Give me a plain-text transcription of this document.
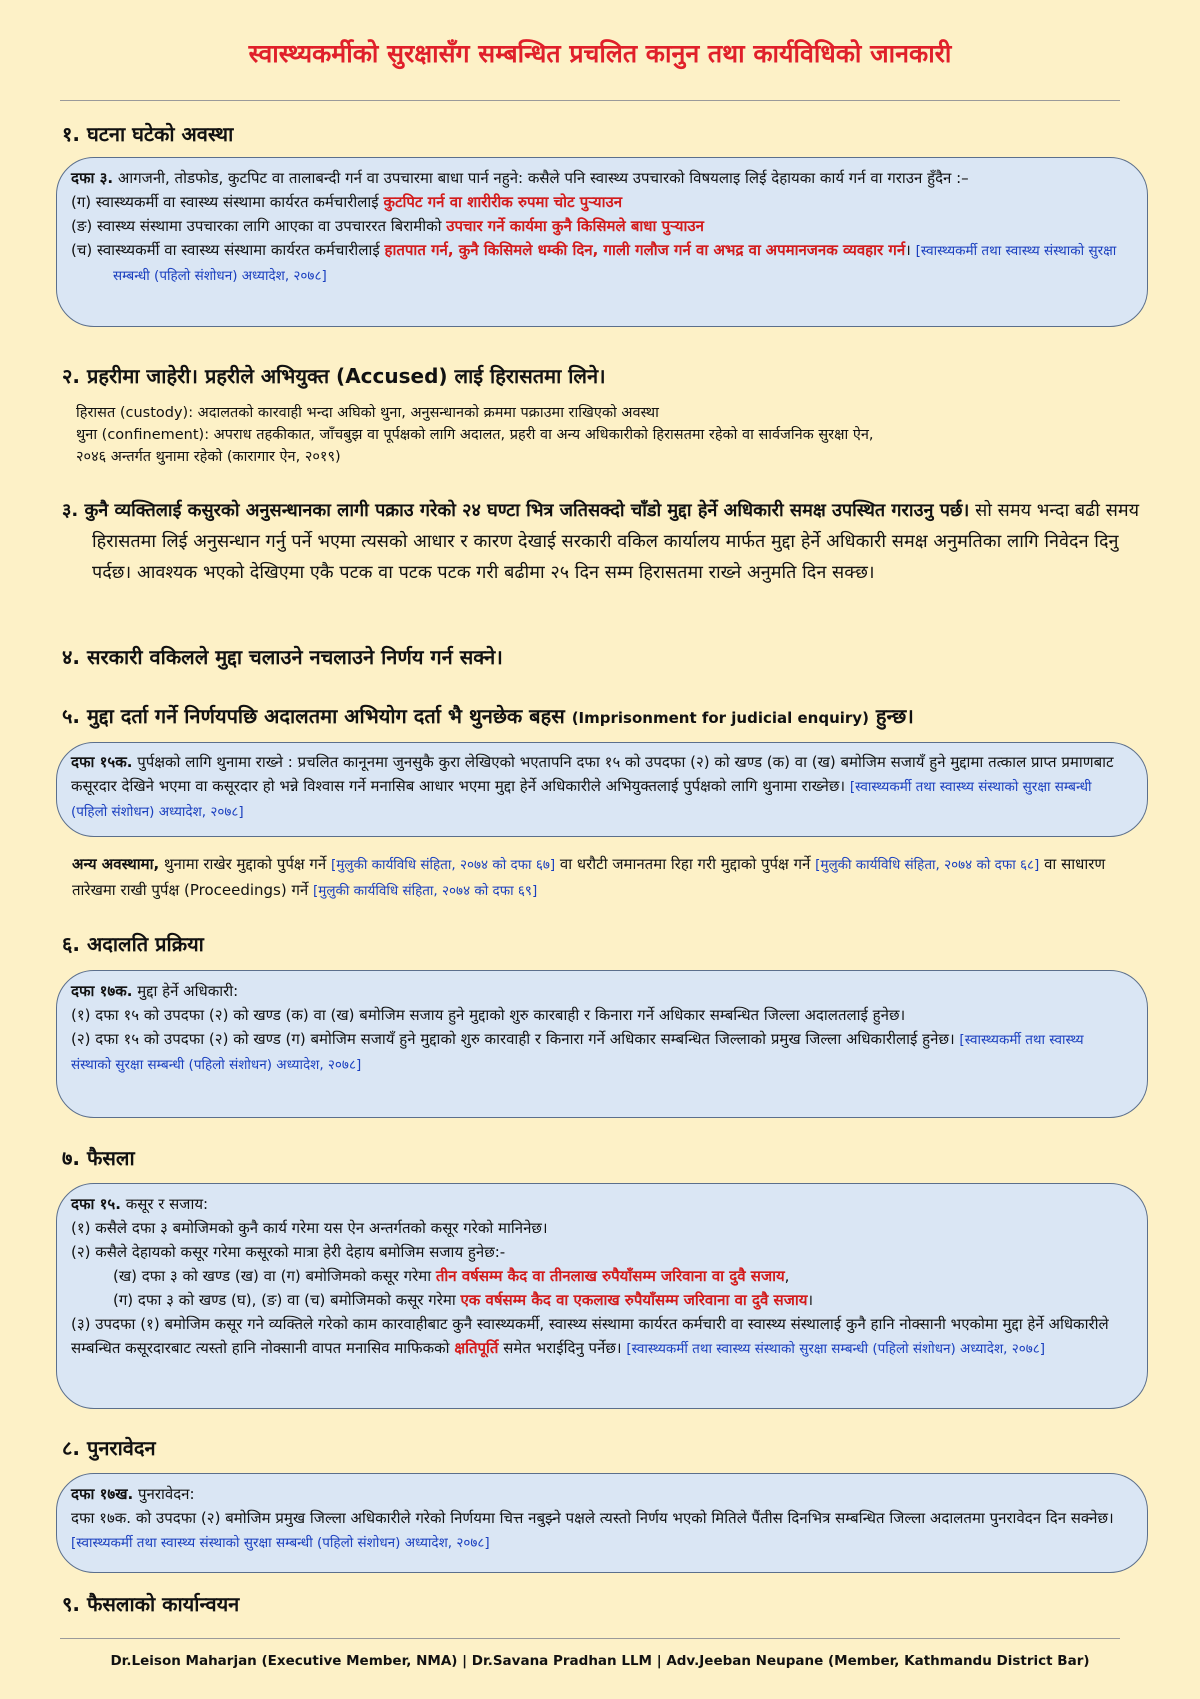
स्वास्थ्यकर्मीको सुरक्षासँग सम्बन्धित प्रचलित कानुन तथा कार्यविधिको जानकारी
१. घटना घटेको अवस्था

दफा ३. आगजनी, तोडफोड, कुटपिट वा तालाबन्दी गर्न वा उपचारमा बाधा पार्न नहुने: कसैले पनि स्वास्थ्य उपचारको विषयलाइ लिई देहायका कार्य गर्न वा गराउन हुँदैन :–

(ग) स्वास्थ्यकर्मी वा स्वास्थ्य संस्थामा कार्यरत कर्मचारीलाई कुटपिट गर्न वा शारीरीक रुपमा चोट पुर्‍याउन

(ङ) स्वास्थ्य संस्थामा उपचारका लागि आएका वा उपचाररत बिरामीको उपचार गर्ने कार्यमा कुनै किसिमले बाधा पुर्‍याउन

(च) स्वास्थ्यकर्मी वा स्वास्थ्य संस्थामा कार्यरत कर्मचारीलाई हातपात गर्न, कुनै किसिमले धम्की दिन, गाली गलौज गर्न वा अभद्र वा अपमानजनक व्यवहार गर्न। [स्वास्थ्यकर्मी तथा स्वास्थ्य संस्थाको सुरक्षा सम्बन्धी (पहिलो संशोधन) अध्यादेश, २०७८]

२. प्रहरीमा जाहेरी। प्रहरीले अभियुक्त (Accused) लाई हिरासतमा लिने।

हिरासत (custody): अदालतको कारवाही भन्दा अघिको थुना, अनुसन्धानको क्रममा पक्राउमा राखिएको अवस्था

थुना (confinement): अपराध तहकीकात, जाँचबुझ वा पूर्पक्षको लागि अदालत, प्रहरी वा अन्य अधिकारीको हिरासतमा रहेको वा सार्वजनिक सुरक्षा ऐन,

२०४६ अन्तर्गत थुनामा रहेको (कारागार ऐन, २०१९)

३. कुनै व्यक्तिलाई कसुरको अनुसन्धानका लागी पक्राउ गरेको २४ घण्टा भित्र जतिसक्दो चाँडो मुद्दा हेर्ने अधिकारी समक्ष उपस्थित गराउनु पर्छ। सो समय भन्दा बढी समय हिरासतमा लिई अनुसन्धान गर्नु पर्ने भएमा त्यसको आधार र कारण देखाई सरकारी वकिल कार्यालय मार्फत मुद्दा हेर्ने अधिकारी समक्ष अनुमतिका लागि निवेदन दिनु पर्दछ। आवश्यक भएको देखिएमा एकै पटक वा पटक पटक गरी बढीमा २५ दिन सम्म हिरासतमा राख्ने अनुमति दिन सक्छ।

४. सरकारी वकिलले मुद्दा चलाउने नचलाउने निर्णय गर्न सक्ने।
५. मुद्दा दर्ता गर्ने निर्णयपछि अदालतमा अभियोग दर्ता भै थुनछेक बहस (Imprisonment for judicial enquiry) हुन्छ।

दफा १५क. पुर्पक्षको लागि थुनामा राख्ने : प्रचलित कानूनमा जुनसुकै कुरा लेखिएको भएतापनि दफा १५ को उपदफा (२) को खण्ड (क) वा (ख) बमोजिम सजायँ हुने मुद्दामा तत्काल प्राप्त प्रमाणबाट कसूरदार देखिने भएमा वा कसूरदार हो भन्ने विश्वास गर्ने मनासिब आधार भएमा मुद्दा हेर्ने अधिकारीले अभियुक्तलाई पुर्पक्षको लागि थुनामा राख्नेछ। [स्वास्थ्यकर्मी तथा स्वास्थ्य संस्थाको सुरक्षा सम्बन्धी (पहिलो संशोधन) अध्यादेश, २०७८]

अन्य अवस्थामा, थुनामा राखेर मुद्दाको पुर्पक्ष गर्ने [मुलुकी कार्यविधि संहिता, २०७४ को दफा ६७] वा धरौटी जमानतमा रिहा गरी मुद्दाको पुर्पक्ष गर्ने [मुलुकी कार्यविधि संहिता, २०७४ को दफा ६८] वा साधारण तारेखमा राखी पुर्पक्ष (Proceedings) गर्ने [मुलुकी कार्यविधि संहिता, २०७४ को दफा ६९]

६. अदालति प्रक्रिया

दफा १७क. मुद्दा हेर्ने अधिकारी:

(१) दफा १५ को उपदफा (२) को खण्ड (क) वा (ख) बमोजिम सजाय हुने मुद्दाको शुरु कारबाही र किनारा गर्ने अधिकार सम्बन्धित जिल्ला अदालतलाई हुनेछ।

(२) दफा १५ को उपदफा (२) को खण्ड (ग) बमोजिम सजायँ हुने मुद्दाको शुरु कारवाही र किनारा गर्ने अधिकार सम्बन्धित जिल्लाको प्रमुख जिल्ला अधिकारीलाई हुनेछ। [स्वास्थ्यकर्मी तथा स्वास्थ्य संस्थाको सुरक्षा सम्बन्धी (पहिलो संशोधन) अध्यादेश, २०७८]

७. फैसला

दफा १५. कसूर र सजाय:

(१) कसैले दफा ३ बमोजिमको कुनै कार्य गरेमा यस ऐन अन्तर्गतको कसूर गरेको मानिनेछ।

(२) कसैले देहायको कसूर गरेमा कसूरको मात्रा हेरी देहाय बमोजिम सजाय हुनेछ:-

(ख) दफा ३ को खण्ड (ख) वा (ग) बमोजिमको कसूर गरेमा तीन वर्षसम्म कैद वा तीनलाख रुपैयाँसम्म जरिवाना वा दुवै सजाय,

(ग) दफा ३ को खण्ड (घ), (ङ) वा (च) बमोजिमको कसूर गरेमा एक वर्षसम्म कैद वा एकलाख रुपैयाँसम्म जरिवाना वा दुवै सजाय।

(३) उपदफा (१) बमोजिम कसूर गने व्यक्तिले गरेको काम कारवाहीबाट कुनै स्वास्थ्यकर्मी, स्वास्थ्य संस्थामा कार्यरत कर्मचारी वा स्वास्थ्य संस्थालाई कुनै हानि नोक्सानी भएकोमा मुद्दा हेर्ने अधिकारीले सम्बन्धित कसूरदारबाट त्यस्तो हानि नोक्सानी वापत मनासिव माफिकको क्षतिपूर्ति समेत भराईदिनु पर्नेछ। [स्वास्थ्यकर्मी तथा स्वास्थ्य संस्थाको सुरक्षा सम्बन्धी (पहिलो संशोधन) अध्यादेश, २०७८]

८. पुनरावेदन

दफा १७ख. पुनरावेदन:

दफा १७क. को उपदफा (२) बमोजिम प्रमुख जिल्ला अधिकारीले गरेको निर्णयमा चित्त नबुझ्ने पक्षले त्यस्तो निर्णय भएको मितिले पैंतीस दिनभित्र सम्बन्धित जिल्ला अदालतमा पुनरावेदन दिन सक्नेछ। [स्वास्थ्यकर्मी तथा स्वास्थ्य संस्थाको सुरक्षा सम्बन्धी (पहिलो संशोधन) अध्यादेश, २०७८]

९. फैसलाको कार्यान्वयन
Dr.Leison Maharjan (Executive Member, NMA) | Dr.Savana Pradhan LLM | Adv.Jeeban Neupane (Member, Kathmandu District Bar)
